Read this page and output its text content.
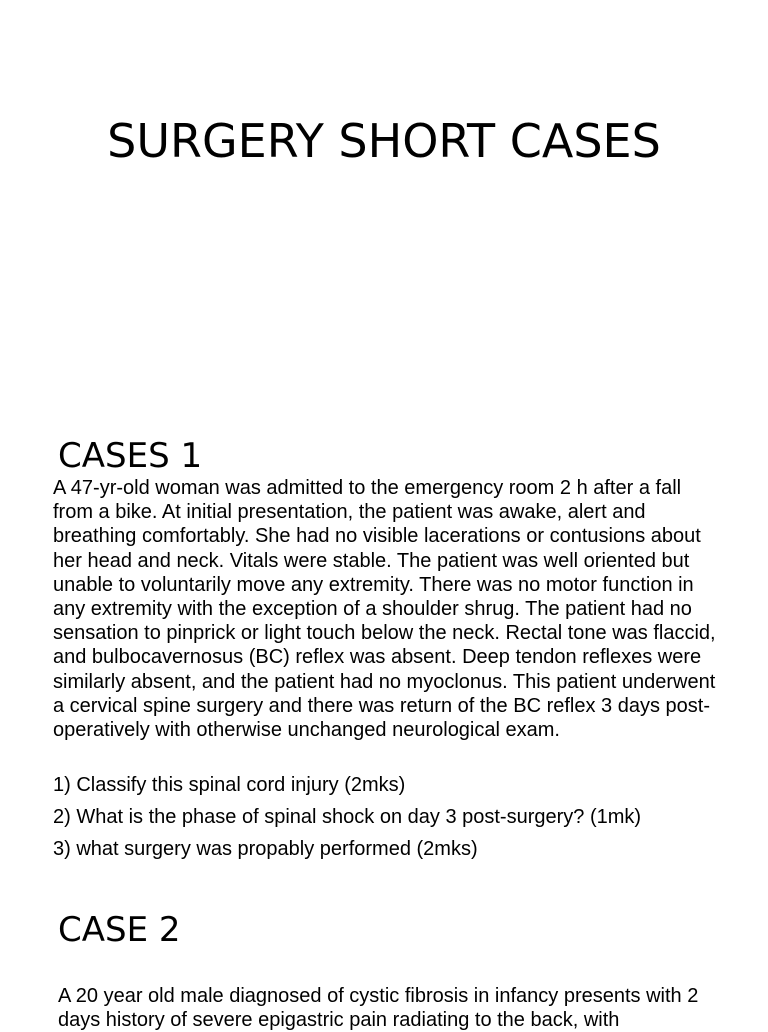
SURGERY SHORT CASES
CASES 1

A 47-yr-old woman was admitted to the emergency room 2 h after a fall from a bike. At initial presentation, the patient was awake, alert and breathing comfortably. She had no visible lacerations or contusions about her head and neck. Vitals were stable. The patient was well oriented but unable to voluntarily move any extremity. There was no motor function in any extremity with the exception of a shoulder shrug. The patient had no sensation to pinprick or light touch below the neck. Rectal tone was flaccid, and bulbocavernosus (BC) reflex was absent. Deep tendon reflexes were similarly absent, and the patient had no myoclonus. This patient underwent a cervical spine surgery and there was return of the BC reflex 3 days post-operatively with otherwise unchanged neurological exam.

1) Classify this spinal cord injury (2mks)
2) What is the phase of spinal shock on day 3 post-surgery? (1mk)
3) what surgery was propably performed (2mks)
CASE 2

A 20 year old male diagnosed of cystic fibrosis in infancy presents with 2 days history of severe epigastric pain radiating to the back, with
